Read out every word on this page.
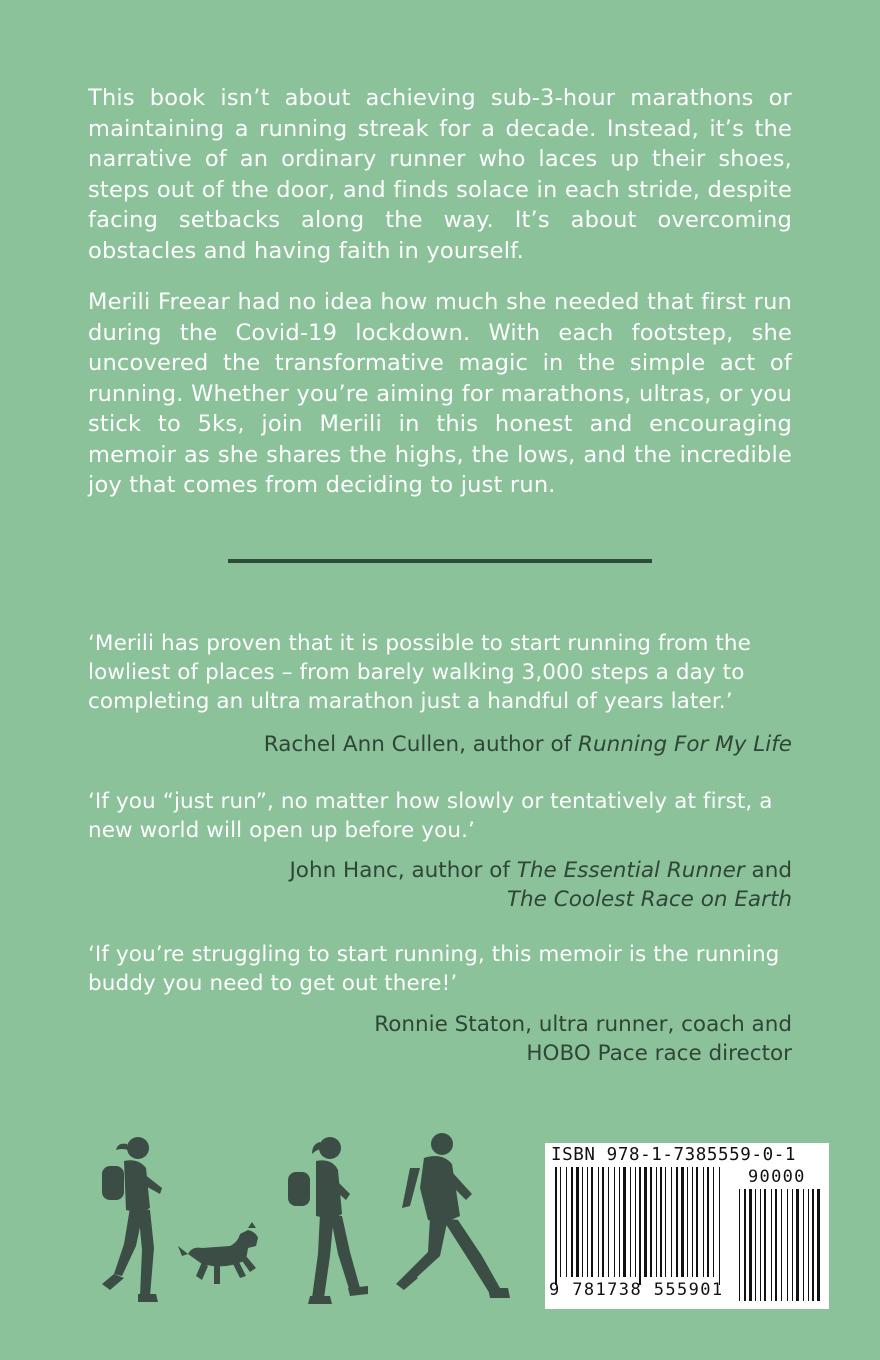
This book isn’t about achieving sub-3-hour marathons or maintaining a running streak for a decade. Instead, it’s the narrative of an ordinary runner who laces up their shoes, steps out of the door, and finds solace in each stride, despite facing setbacks along the way. It’s about overcoming obstacles and having faith in yourself.

Merili Freear had no idea how much she needed that first run during the Covid-19 lockdown. With each footstep, she uncovered the transformative magic in the simple act of running. Whether you’re aiming for marathons, ultras, or you stick to 5ks, join Merili in this honest and encouraging memoir as she shares the highs, the lows, and the incredible joy that comes from deciding to just run.

‘Merili has proven that it is possible to start running from the lowliest of places – from barely walking 3,000 steps a day to completing an ultra marathon just a handful of years later.’

Rachel Ann Cullen, author of Running For My Life

‘If you “just run”, no matter how slowly or tentatively at first, a new world will open up before you.’

John Hanc, author of The Essential Runner and
The Coolest Race on Earth

‘If you’re struggling to start running, this memoir is the running buddy you need to get out there!’

Ronnie Staton, ultra runner, coach and
HOBO Pace race director

ISBN 978-1-7385559-0-1
90000
9 781738 555901
